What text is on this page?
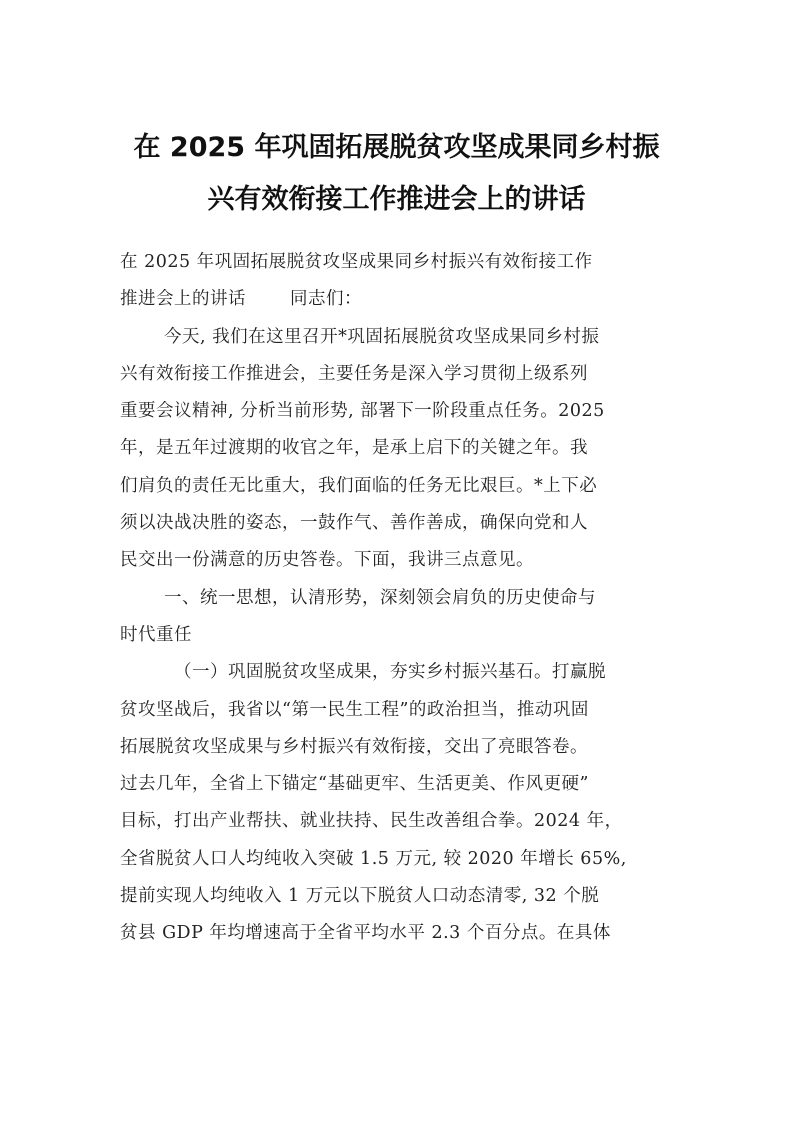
在 2025 年巩固拓展脱贫攻坚成果同乡村振
兴有效衔接工作推进会上的讲话
在 2025 年巩固拓展脱贫攻坚成果同乡村振兴有效衔接工作
推进会上的讲话	同志们：
今天, 我们在这里召开*巩固拓展脱贫攻坚成果同乡村振
兴有效衔接工作推进会，主要任务是深入学习贯彻上级系列
重要会议精神, 分析当前形势, 部署下一阶段重点任务。2025
年，是五年过渡期的收官之年，是承上启下的关键之年。我
们肩负的责任无比重大，我们面临的任务无比艰巨。*上下必
须以决战决胜的姿态，一鼓作气、善作善成，确保向党和人
民交出一份满意的历史答卷。下面，我讲三点意见。
一、统一思想，认清形势，深刻领会肩负的历史使命与
时代重任
（一）巩固脱贫攻坚成果，夯实乡村振兴基石。打赢脱
贫攻坚战后，我省以“第一民生工程”的政治担当，推动巩固
拓展脱贫攻坚成果与乡村振兴有效衔接，交出了亮眼答卷。
过去几年，全省上下锚定“基础更牢、生活更美、作风更硬”
目标，打出产业帮扶、就业扶持、民生改善组合拳。2024 年，
全省脱贫人口人均纯收入突破 1.5 万元, 较 2020 年增长 65%,
提前实现人均纯收入 1 万元以下脱贫人口动态清零, 32 个脱
贫县 GDP 年均增速高于全省平均水平 2.3 个百分点。在具体
